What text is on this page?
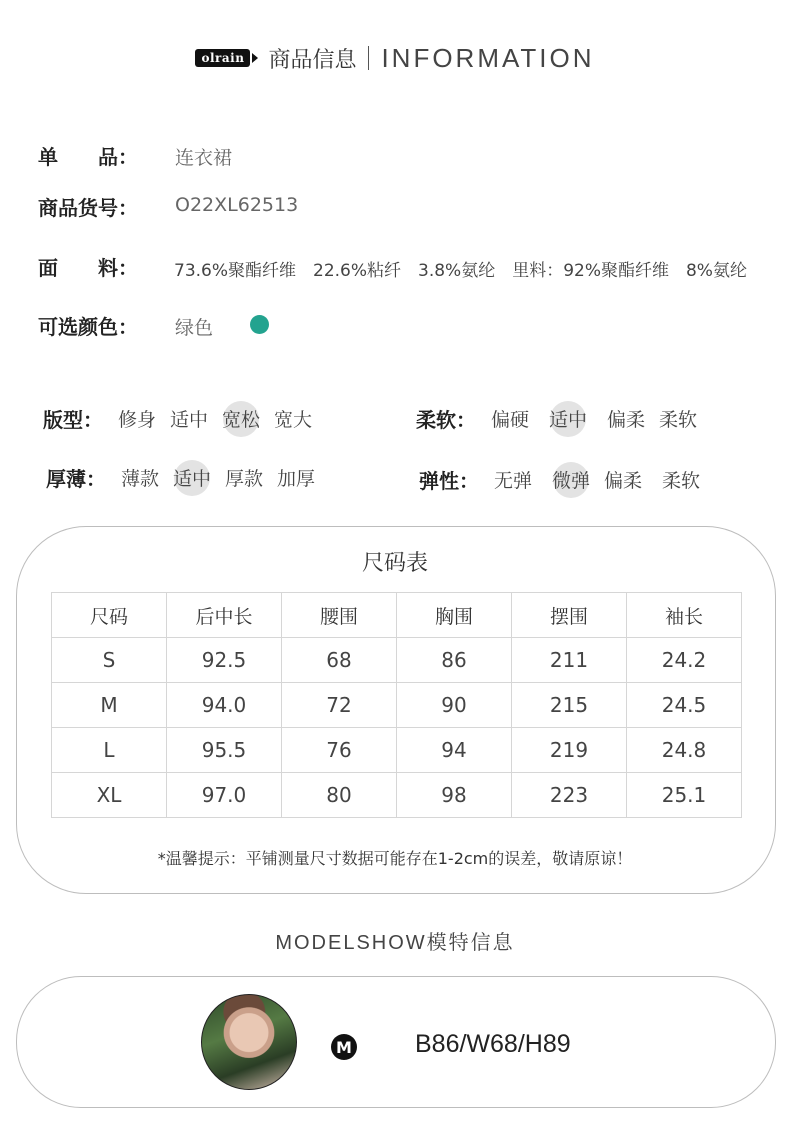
olrain 商品信息 INFORMATION
单　　品： 连衣裙
商品货号： O22XL62513
面　　料： 73.6%聚酯纤维　22.6%粘纤　3.8%氨纶　里料：92%聚酯纤维　8%氨纶
可选颜色： 绿色
版型： 修身 适中 宽松 宽大	柔软： 偏硬 适中 偏柔 柔软
厚薄： 薄款 适中 厚款 加厚	弹性： 无弹 微弹 偏柔 柔软
尺码表
尺码	后中长	腰围	胸围	摆围	袖长
S	92.5	68	86	211	24.2
M	94.0	72	90	215	24.5
L	95.5	76	94	219	24.8
XL	97.0	80	98	223	25.1
*温馨提示：平铺测量尺寸数据可能存在1-2cm的误差，敬请原谅！
MODELSHOW模特信息
M	B86/W68/H89
